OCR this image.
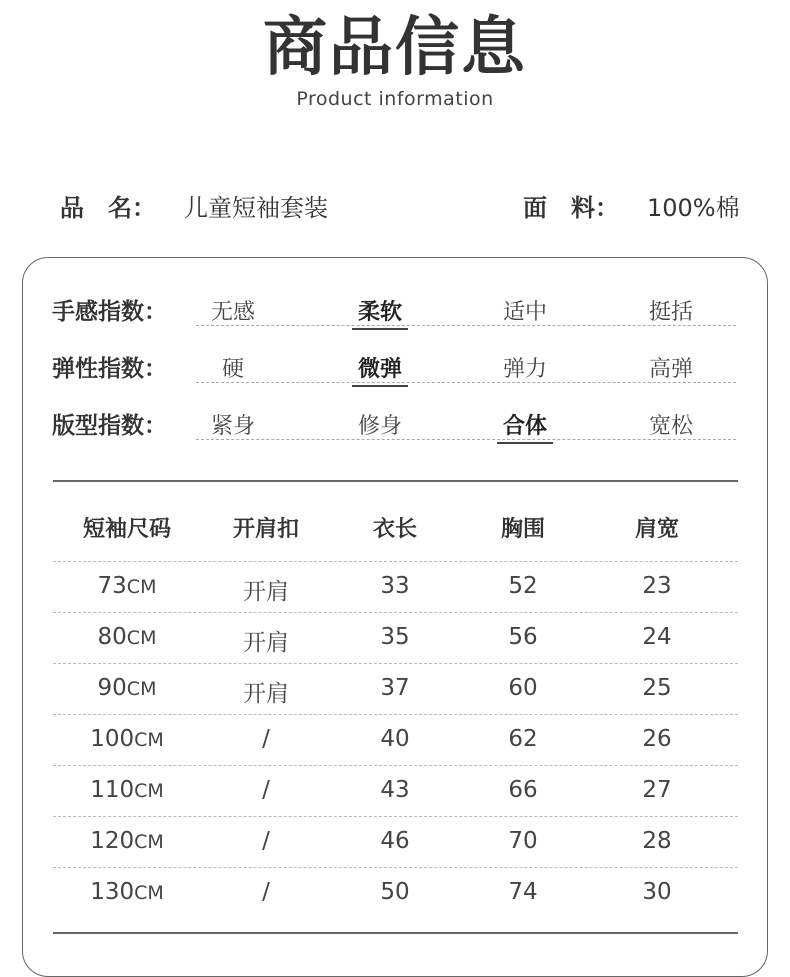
商品信息
Product information
品　名： 儿童短袖套装	面　料： 100%棉
手感指数：	无感	柔软	适中	挺括
弹性指数：	硬	微弹	弹力	高弹
版型指数：	紧身	修身	合体	宽松
短袖尺码	开肩扣	衣长	胸围	肩宽
73CM	开肩	33	52	23
80CM	开肩	35	56	24
90CM	开肩	37	60	25
100CM	/	40	62	26
110CM	/	43	66	27
120CM	/	46	70	28
130CM	/	50	74	30
